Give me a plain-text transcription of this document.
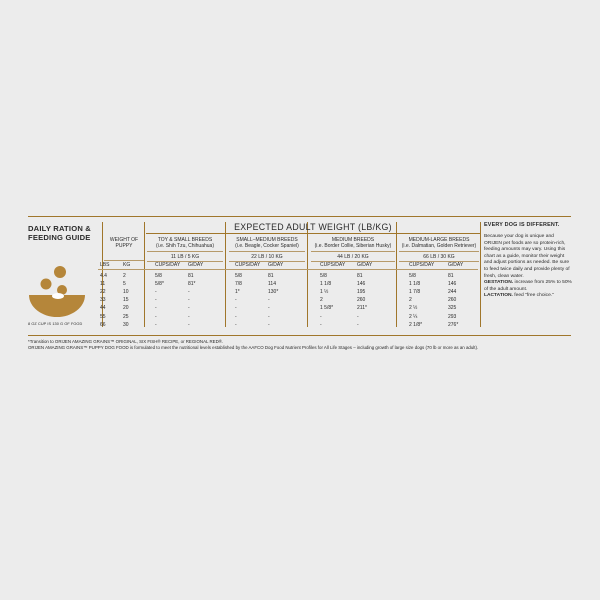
DAILY RATION &
FEEDING GUIDE
8 OZ CUP IS 130 G OF FOOD
EXPECTED ADULT WEIGHT (LB/KG)
WEIGHT OF
PUPPY
EVERY DOG IS DIFFERENT.
Because your dog is unique and ORIJEN pet foods are so protein-rich, feeding amounts may vary. Using this chart as a guide, monitor their weight and adjust portions as needed. Be sure to feed twice daily and provide plenty of fresh, clean water.
GESTATION. increase from 25% to 50% of the adult amount.
LACTATION. feed "free choice."
TOY & SMALL BREEDS
(i.e. Shih Tzu, Chihuahua)
11 LB / 5 KG
SMALL–MEDIUM BREEDS
(i.e. Beagle, Cocker Spaniel)
22 LB / 10 KG
MEDIUM BREEDS
(i.e. Border Collie, Siberian Husky)
44 LB / 20 KG
MEDIUM-LARGE BREEDS
(i.e. Dalmatian, Golden Retriever)
66 LB / 30 KG
LBS	KG	CUPS/DAY G/DAY	CUPS/DAY G/DAY	CUPS/DAY G/DAY	CUPS/DAY	G/DAY
4.4	2	5/8	81	5/8	81	5/8	81	5/8	81
11	5	5/8*	81*	7/8	114	1 1/8	146	1 1/8	146
22	10	-	-	1*	130*	1 ½	195	1 7/8	244
33	15	-	-	-	-	2	260	2	260
44	20	-	-	-	-	1 5/8*	211*	2 ½	325
55	25	-	-	-	-	-	-	2 ¼	293
66	30	-	-	-	-	-	-	2 1/8*	276*
*Transition to ORIJEN AMAZING GRAINS™ ORIGINAL, SIX FISH® RECIPE, or REGIONAL RED®.
ORIJEN AMAZING GRAINS™ PUPPY DOG FOOD is formulated to meet the nutritional levels established by the AAFCO Dog Food Nutrient Profiles for All Life Stages – including growth of large size dogs (70 lb or more as an adult).
